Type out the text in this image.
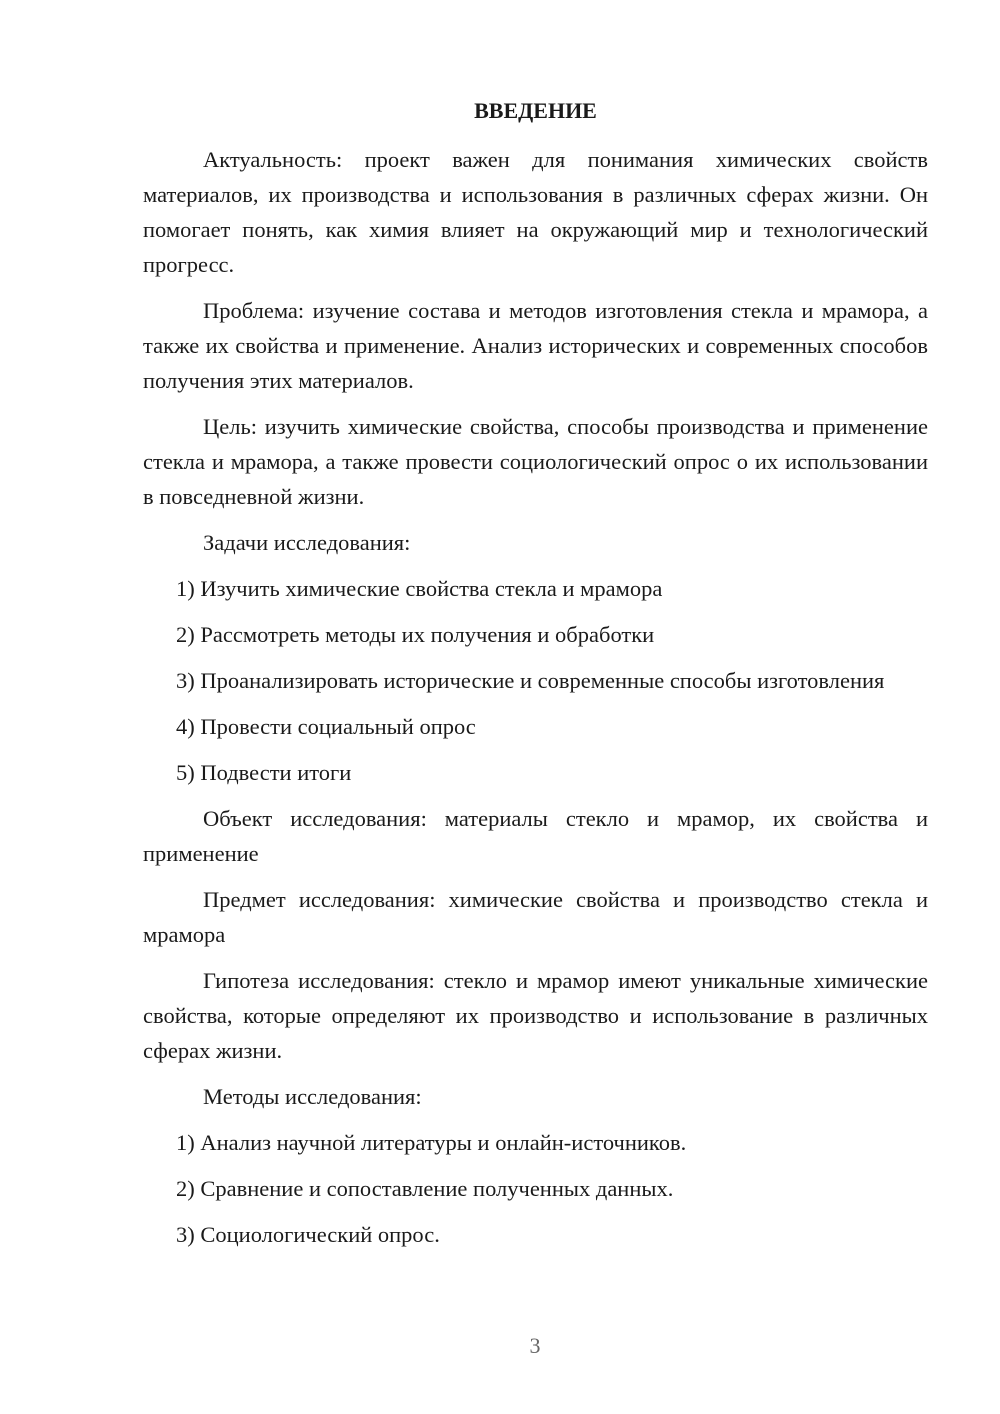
ВВЕДЕНИЕ

Актуальность: проект важен для понимания химических свойств материалов, их производства и использования в различных сферах жизни. Он помогает понять, как химия влияет на окружающий мир и технологический прогресс.

Проблема: изучение состава и методов изготовления стекла и мрамора, а также их свойства и применение. Анализ исторических и современных способов получения этих материалов.

Цель: изучить химические свойства, способы производства и применение стекла и мрамора, а также провести социологический опрос о их использовании в повседневной жизни.

Задачи исследования:

1) Изучить химические свойства стекла и мрамора

2) Рассмотреть методы их получения и обработки

3) Проанализировать исторические и современные способы изготовления

4) Провести социальный опрос

5) Подвести итоги

Объект исследования: материалы стекло и мрамор, их свойства и применение

Предмет исследования: химические свойства и производство стекла и мрамора

Гипотеза исследования: стекло и мрамор имеют уникальные химические свойства, которые определяют их производство и использование в различных сферах жизни.

Методы исследования:

1) Анализ научной литературы и онлайн-источников.

2) Сравнение и сопоставление полученных данных.

3) Социологический опрос.

3
